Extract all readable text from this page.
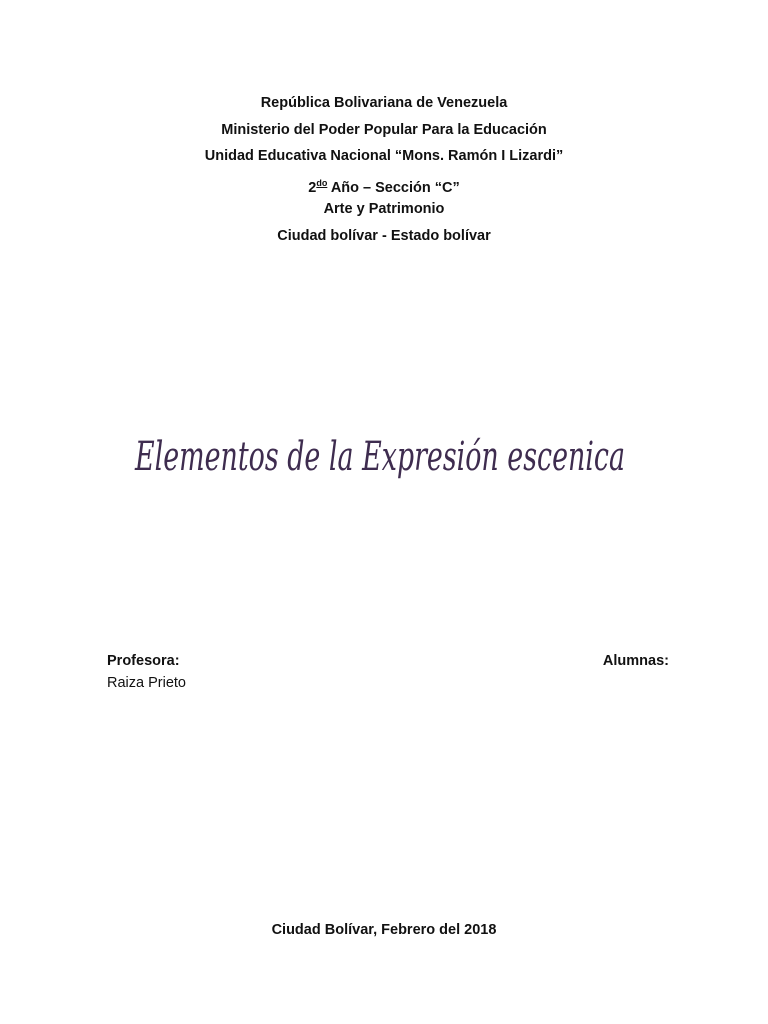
República Bolivariana de Venezuela
Ministerio del Poder Popular Para la Educación
Unidad Educativa Nacional “Mons. Ramón I Lizardi”
$2^{do}$ Año – Sección “C”
Arte y Patrimonio
Ciudad bolívar - Estado bolívar
Elementos de la Expresión escenica
Profesora:
Raiza Prieto
Alumnas:
Ciudad Bolívar, Febrero del 2018
